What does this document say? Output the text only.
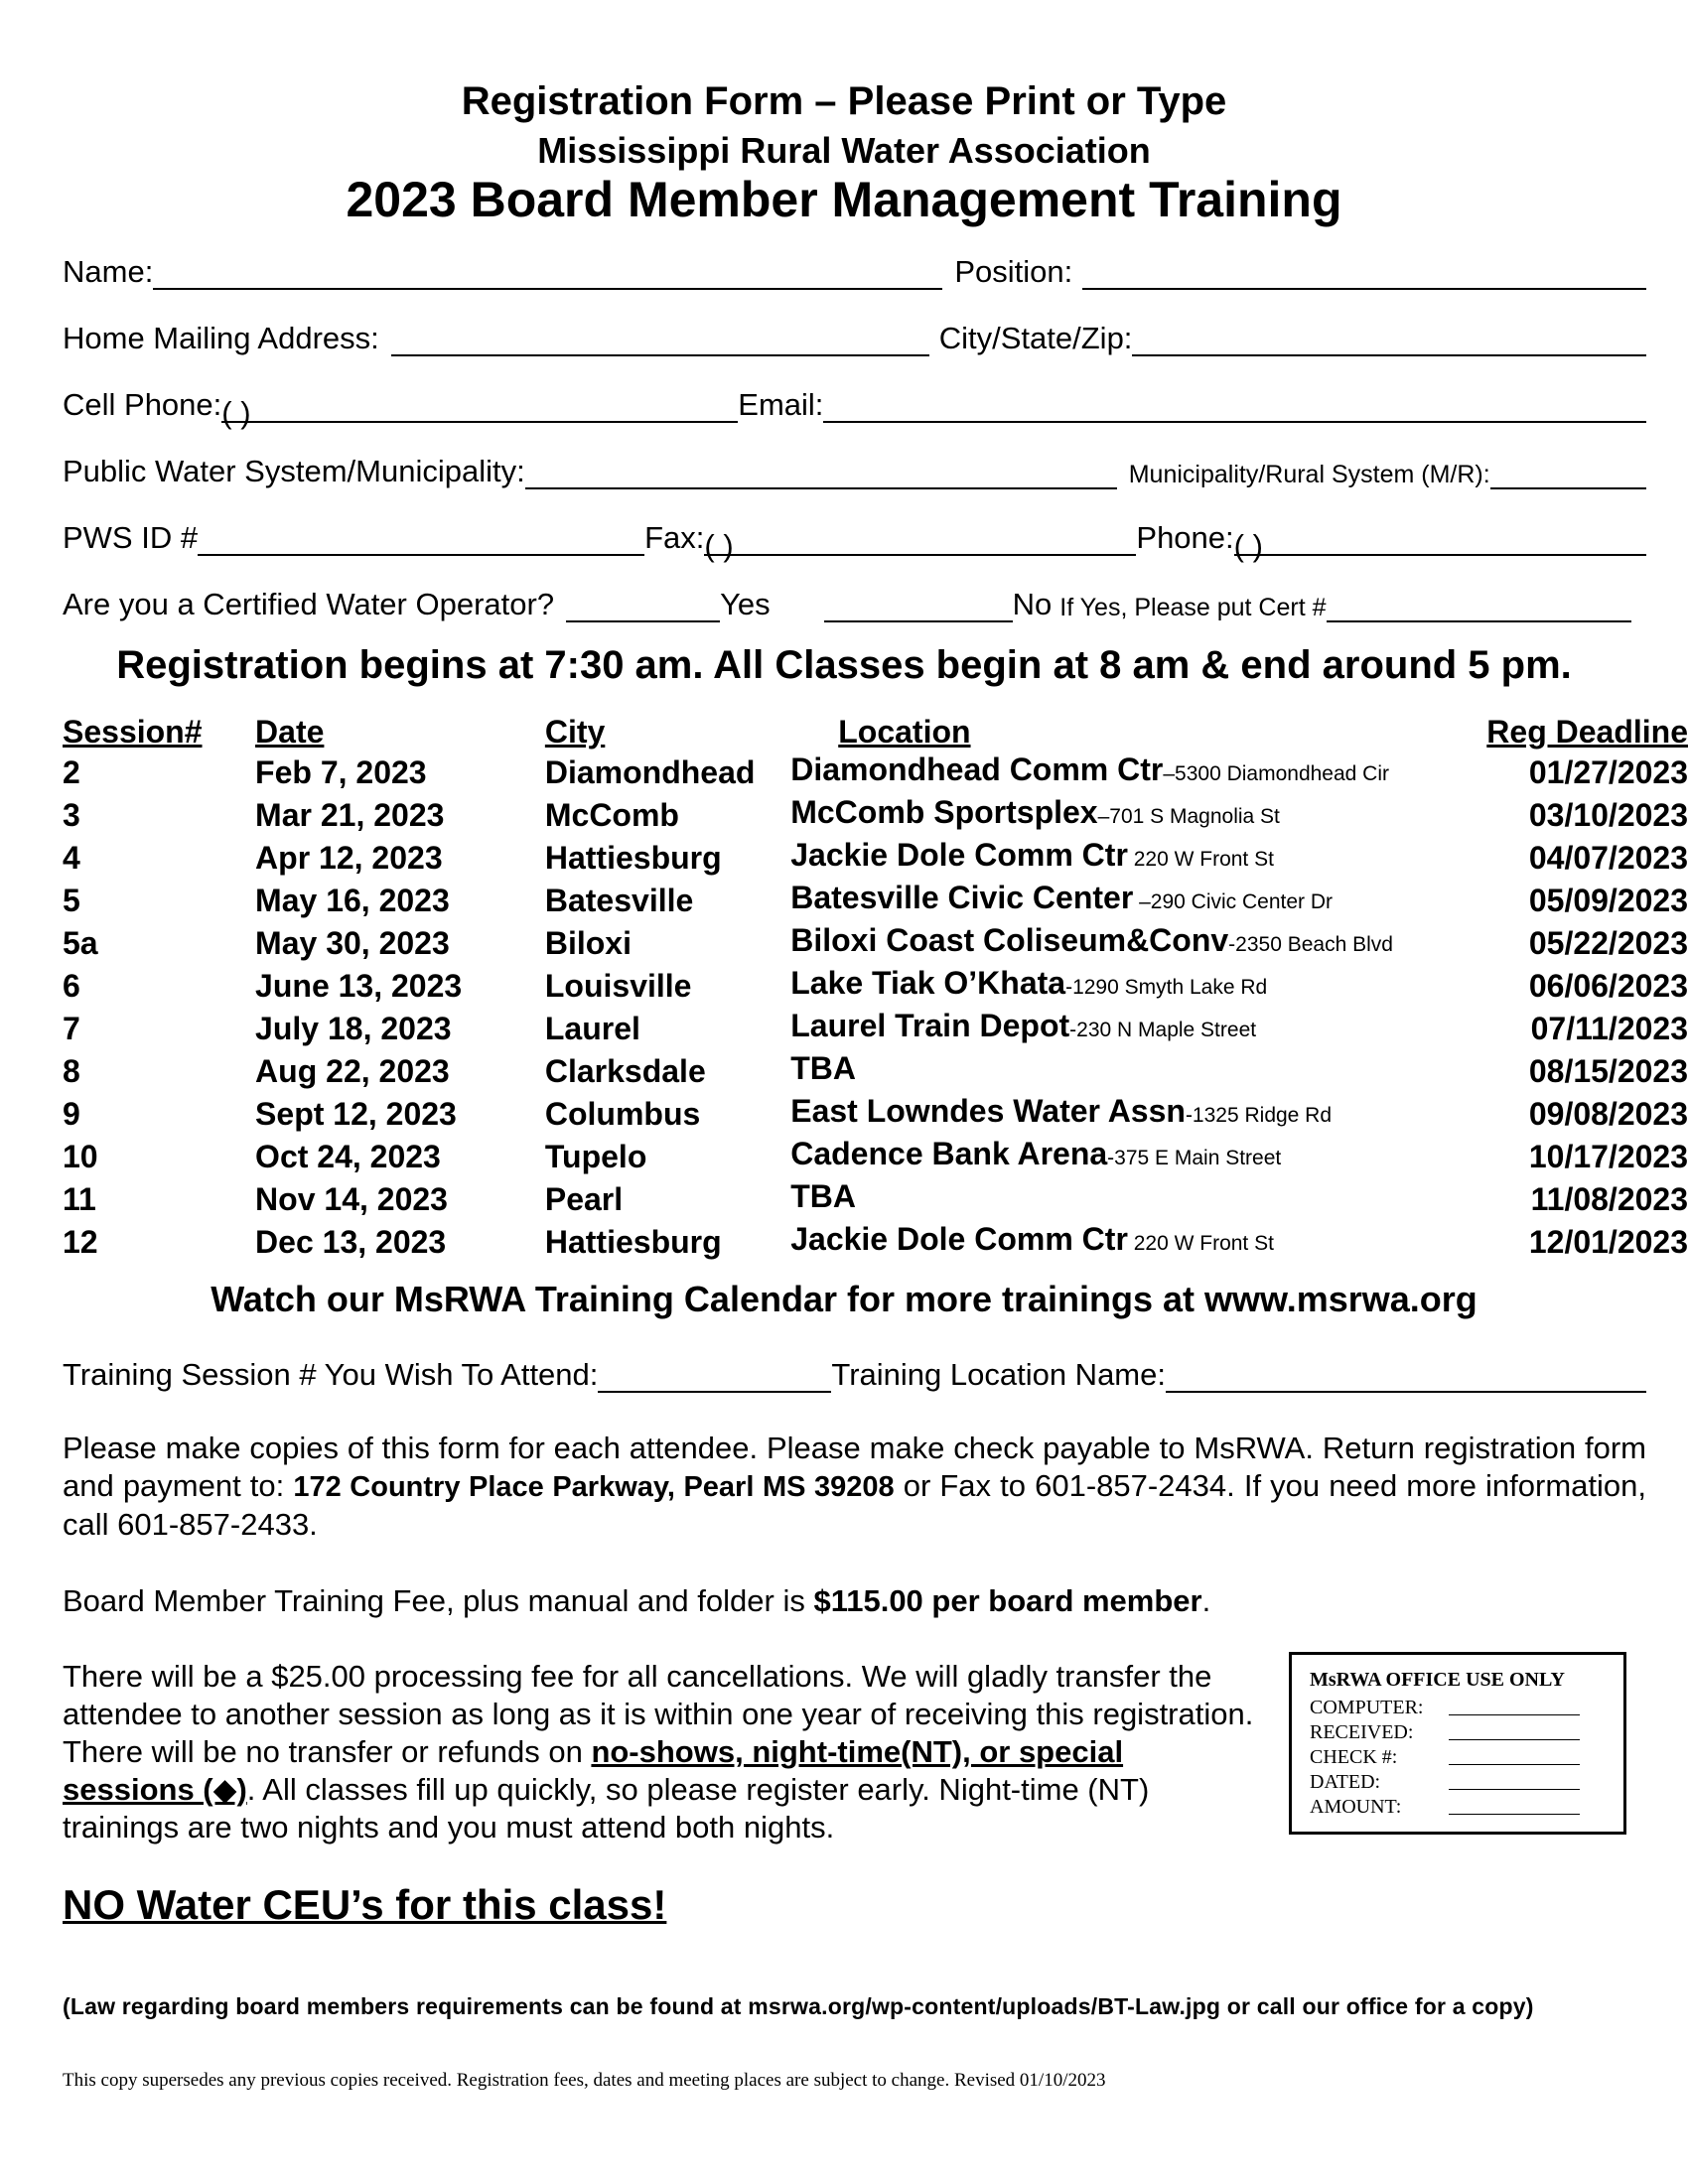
Registration Form – Please Print or Type
Mississippi Rural Water Association
2023 Board Member Management Training
Name:	Position:
Home Mailing Address:	City/State/Zip:
Cell Phone: ( )	Email:
Public Water System/Municipality:	Municipality/Rural System (M/R):
PWS ID #	Fax: ( )	Phone: ( )
Are you a Certified Water Operator?	Yes	No If Yes, Please put Cert #
Registration begins at 7:30 am. All Classes begin at 8 am & end around 5 pm.
Session#	Date	City	Location	Reg Deadline
2	Feb 7, 2023	Diamondhead	Diamondhead Comm Ctr–5300 Diamondhead Cir	01/27/2023
3	Mar 21, 2023	McComb	McComb Sportsplex–701 S Magnolia St	03/10/2023
4	Apr 12, 2023	Hattiesburg	Jackie Dole Comm Ctr 220 W Front St	04/07/2023
5	May 16, 2023	Batesville	Batesville Civic Center –290 Civic Center Dr	05/09/2023
5a	May 30, 2023	Biloxi	Biloxi Coast Coliseum&Conv-2350 Beach Blvd	05/22/2023
6	June 13, 2023	Louisville	Lake Tiak O’Khata-1290 Smyth Lake Rd	06/06/2023
7	July 18, 2023	Laurel	Laurel Train Depot-230 N Maple Street	07/11/2023
8	Aug 22, 2023	Clarksdale	TBA	08/15/2023
9	Sept 12, 2023	Columbus	East Lowndes Water Assn-1325 Ridge Rd	09/08/2023
10	Oct 24, 2023	Tupelo	Cadence Bank Arena-375 E Main Street	10/17/2023
11	Nov 14, 2023	Pearl	TBA	11/08/2023
12	Dec 13, 2023	Hattiesburg	Jackie Dole Comm Ctr 220 W Front St	12/01/2023
Watch our MsRWA Training Calendar for more trainings at www.msrwa.org
Training Session # You Wish To Attend:	Training Location Name:
Please make copies of this form for each attendee. Please make check payable to MsRWA. Return registration form and payment to: 172 Country Place Parkway, Pearl MS 39208 or Fax to 601-857-2434. If you need more information, call 601-857-2433.
Board Member Training Fee, plus manual and folder is $115.00 per board member.
There will be a $25.00 processing fee for all cancellations. We will gladly transfer the attendee to another session as long as it is within one year of receiving this registration. There will be no transfer or refunds on no-shows, night-time(NT), or special sessions (◆). All classes fill up quickly, so please register early. Night-time (NT) trainings are two nights and you must attend both nights.
MsRWA OFFICE USE ONLY
COMPUTER:
RECEIVED:
CHECK #:
DATED:
AMOUNT:
NO Water CEU’s for this class!
(Law regarding board members requirements can be found at msrwa.org/wp-content/uploads/BT-Law.jpg or call our office for a copy)
This copy supersedes any previous copies received. Registration fees, dates and meeting places are subject to change. Revised 01/10/2023
